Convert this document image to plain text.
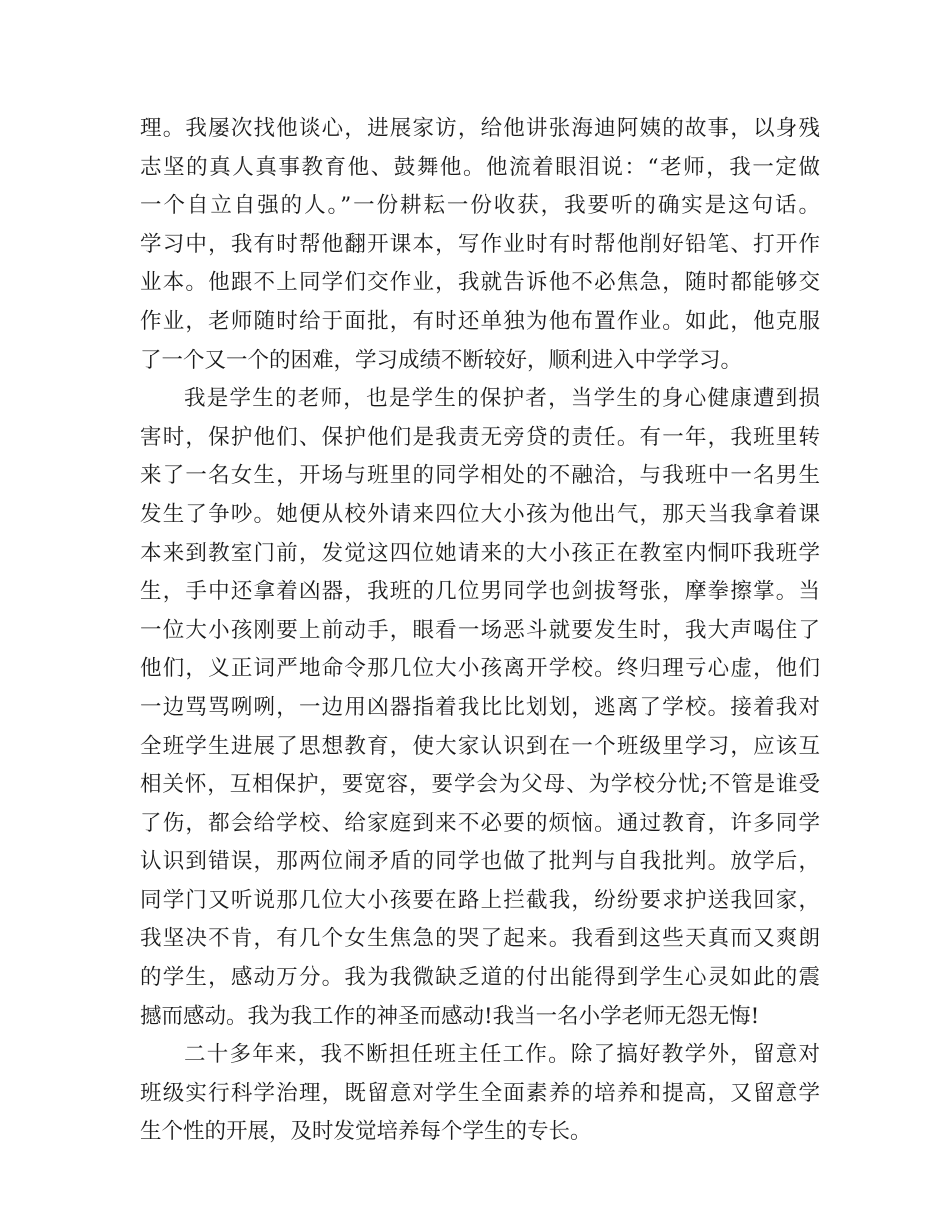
理。我屡次找他谈心，进展家访，给他讲张海迪阿姨的故事，以身残
志坚的真人真事教育他、鼓舞他。他流着眼泪说：“老师，我一定做
一个自立自强的人。”一份耕耘一份收获，我要听的确实是这句话。
学习中，我有时帮他翻开课本，写作业时有时帮他削好铅笔、打开作
业本。他跟不上同学们交作业，我就告诉他不必焦急，随时都能够交
作业，老师随时给于面批，有时还单独为他布置作业。如此，他克服
了一个又一个的困难，学习成绩不断较好，顺利进入中学学习。
我是学生的老师，也是学生的保护者，当学生的身心健康遭到损
害时，保护他们、保护他们是我责无旁贷的责任。有一年，我班里转
来了一名女生，开场与班里的同学相处的不融洽，与我班中一名男生
发生了争吵。她便从校外请来四位大小孩为他出气，那天当我拿着课
本来到教室门前，发觉这四位她请来的大小孩正在教室内恫吓我班学
生，手中还拿着凶器，我班的几位男同学也剑拔弩张，摩拳擦掌。当
一位大小孩刚要上前动手，眼看一场恶斗就要发生时，我大声喝住了
他们，义正词严地命令那几位大小孩离开学校。终归理亏心虚，他们
一边骂骂咧咧，一边用凶器指着我比比划划，逃离了学校。接着我对
全班学生进展了思想教育，使大家认识到在一个班级里学习，应该互
相关怀，互相保护，要宽容，要学会为父母、为学校分忧;不管是谁受
了伤，都会给学校、给家庭到来不必要的烦恼。通过教育，许多同学
认识到错误，那两位闹矛盾的同学也做了批判与自我批判。放学后，
同学门又听说那几位大小孩要在路上拦截我，纷纷要求护送我回家，
我坚决不肯，有几个女生焦急的哭了起来。我看到这些天真而又爽朗
的学生，感动万分。我为我微缺乏道的付出能得到学生心灵如此的震
撼而感动。我为我工作的神圣而感动!我当一名小学老师无怨无悔!
二十多年来，我不断担任班主任工作。除了搞好教学外，留意对
班级实行科学治理，既留意对学生全面素养的培养和提高，又留意学
生个性的开展，及时发觉培养每个学生的专长。
